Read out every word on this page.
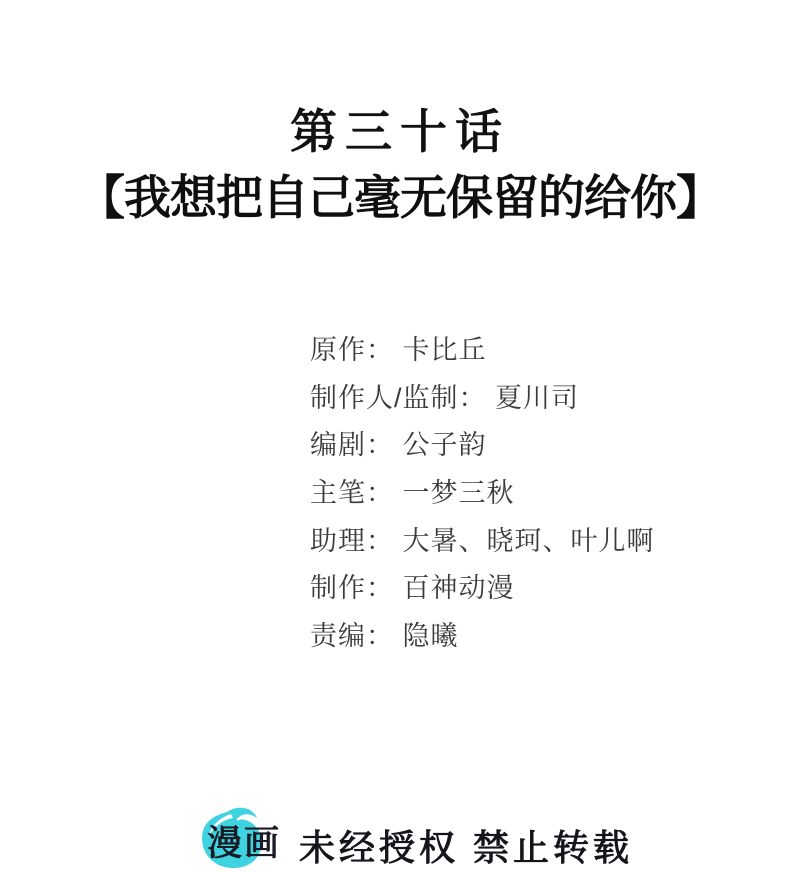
第三十话
【我想把自己毫无保留的给你】
原作： 卡比丘
制作人/监制： 夏川司
编剧： 公子韵
主笔： 一梦三秋
助理： 大暑、晓珂、叶儿啊
制作： 百神动漫
责编： 隐曦
漫画 未经授权 禁止转载
